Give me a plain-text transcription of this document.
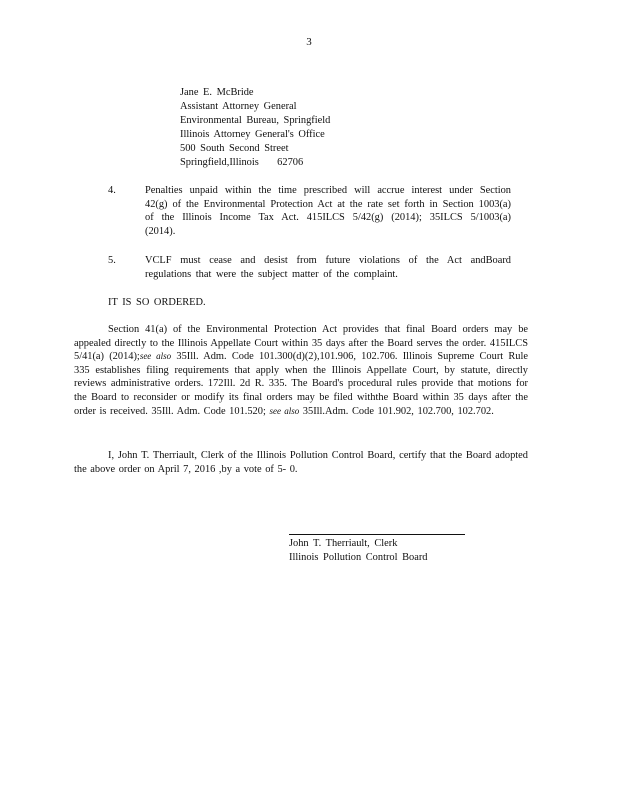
3
Jane E. McBride
Assistant Attorney General
Environmental Bureau, Springfield
Illinois Attorney General's Office
500 South Second Street
Springfield,Illinois    62706
4.	Penalties unpaid within the time prescribed will accrue interest under Section 42(g) of the Environmental Protection Act at the rate set forth in Section 1003(a) of the Illinois Income Tax Act. 415ILCS 5/42(g) (2014); 35ILCS 5/1003(a) (2014).
5.	VCLF must cease and desist from future violations of the Act andBoard regulations that were the subject matter of the complaint.
IT IS SO ORDERED.
Section 41(a) of the Environmental Protection Act provides that final Board orders may be appealed directly to the Illinois Appellate Court within 35 days after the Board serves the order. 415ILCS 5/41(a) (2014);see also 35Ill. Adm. Code 101.300(d)(2),101.906, 102.706. Illinois Supreme Court Rule 335 establishes filing requirements that apply when the Illinois Appellate Court, by statute, directly reviews administrative orders. 172Ill. 2d R. 335. The Board's procedural rules provide that motions for the Board to reconsider or modify its final orders may be filed withthe Board within 35 days after the order is received. 35Ill. Adm. Code 101.520; see also 35Ill.Adm. Code 101.902, 102.700, 102.702.
I, John T. Therriault, Clerk of the Illinois Pollution Control Board, certify that the Board adopted the above order on April 7, 2016 ,by a vote of 5- 0.
John T. Therriault, Clerk
Illinois Pollution Control Board
